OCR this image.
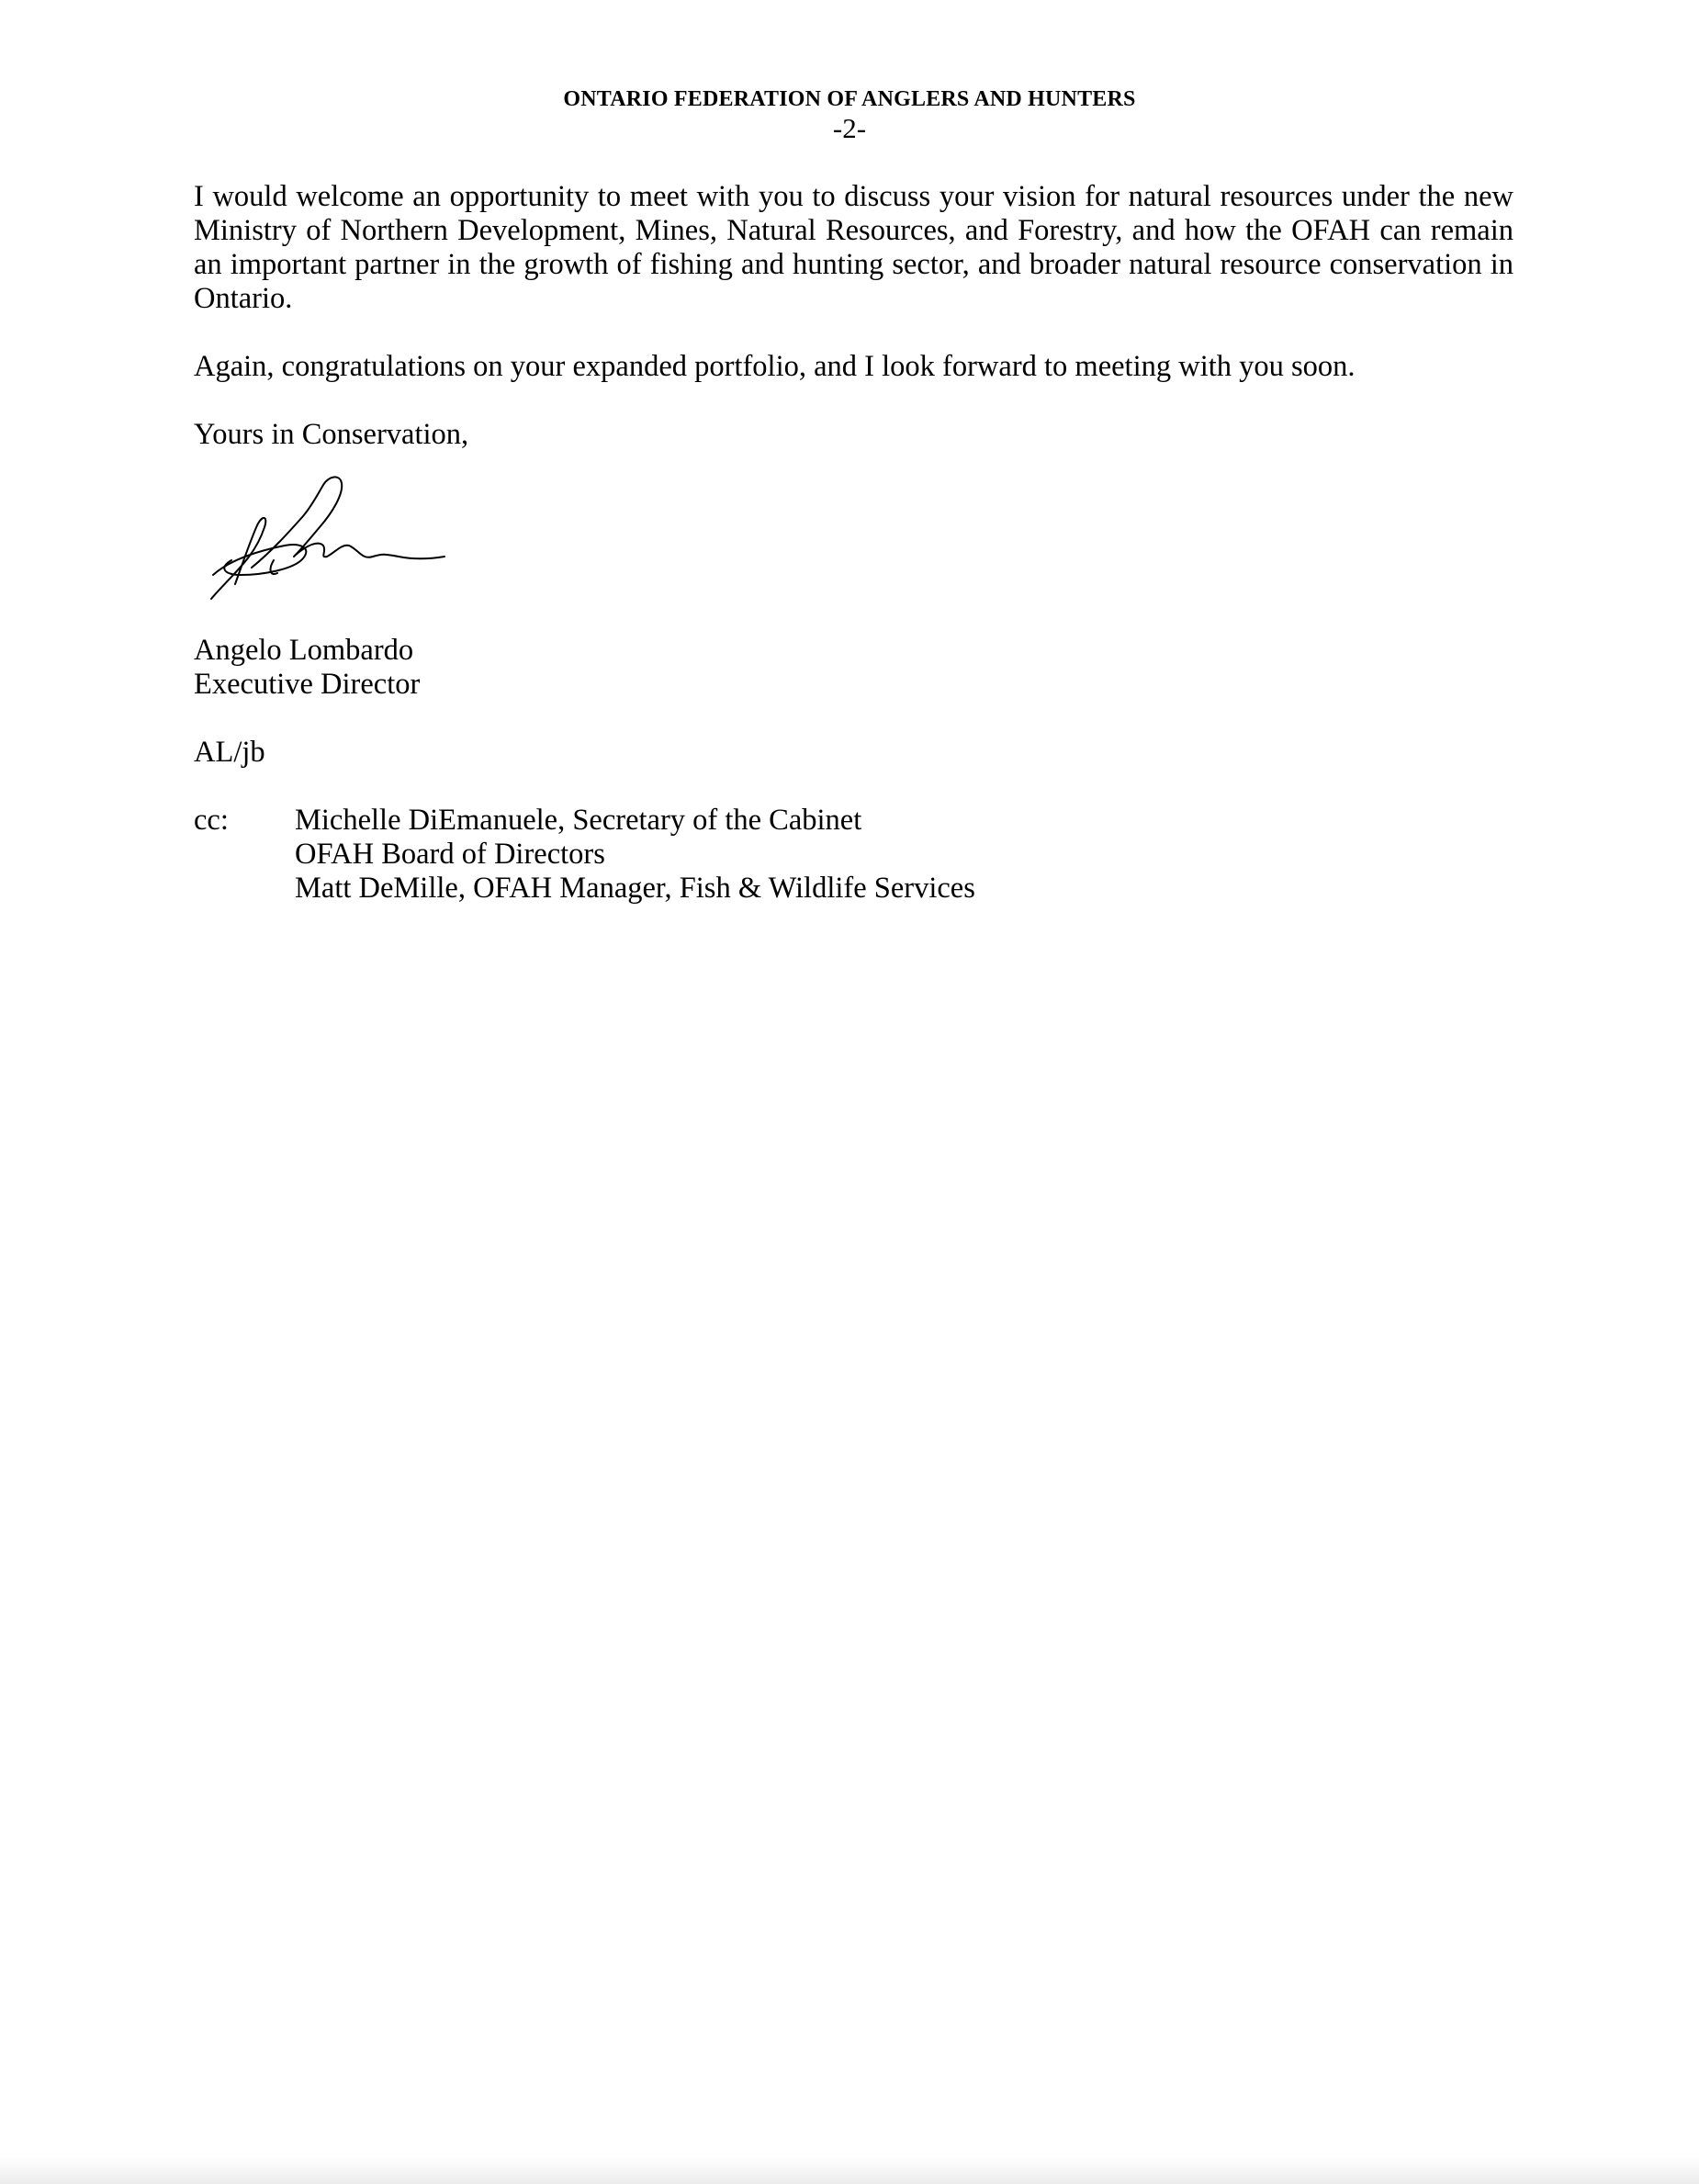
ONTARIO FEDERATION OF ANGLERS AND HUNTERS
-2-
I would welcome an opportunity to meet with you to discuss your vision for natural resources under the new Ministry of Northern Development, Mines, Natural Resources, and Forestry, and how the OFAH can remain an important partner in the growth of fishing and hunting sector, and broader natural resource conservation in Ontario.
Again, congratulations on your expanded portfolio, and I look forward to meeting with you soon.
Yours in Conservation,
Angelo Lombardo
Executive Director
AL/jb
cc: Michelle DiEmanuele, Secretary of the Cabinet
OFAH Board of Directors
Matt DeMille, OFAH Manager, Fish & Wildlife Services
